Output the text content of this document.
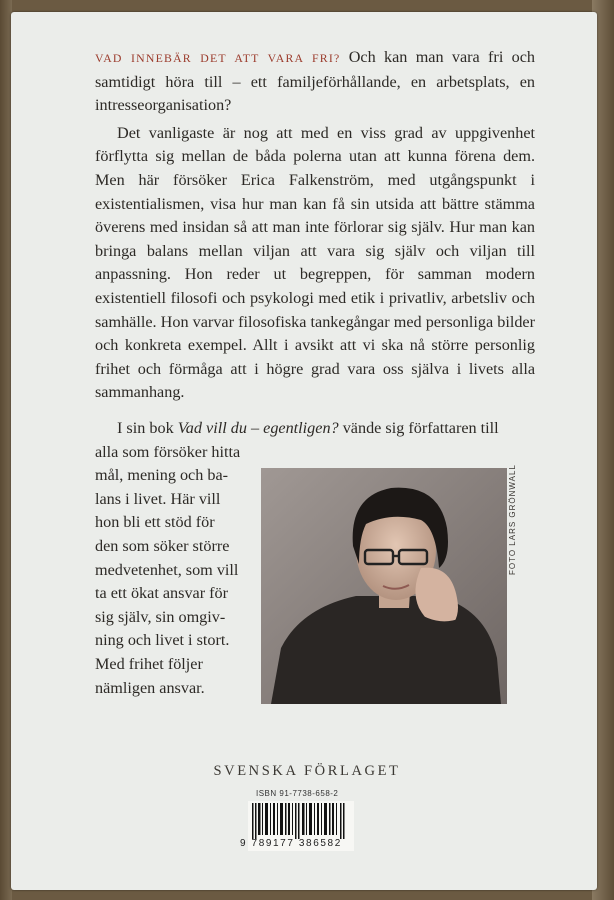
VAD INNEBÄR DET ATT VARA FRI? Och kan man vara fri och samtidigt höra till – ett familjeförhållande, en arbetsplats, en intresseorganisation?

Det vanligaste är nog att med en viss grad av uppgivenhet förflytta sig mellan de båda polerna utan att kunna förena dem. Men här försöker Erica Falkenström, med utgångspunkt i existentialismen, visa hur man kan få sin utsida att bättre stämma överens med insidan så att man inte förlorar sig själv. Hur man kan bringa balans mellan viljan att vara sig själv och viljan till anpassning. Hon reder ut begreppen, för samman modern existentiell filosofi och psykologi med etik i privatliv, arbetsliv och samhälle. Hon varvar filosofiska tankegångar med personliga bilder och konkreta exempel. Allt i avsikt att vi ska nå större personlig frihet och förmåga att i högre grad vara oss själva i livets alla sammanhang.

I sin bok Vad vill du – egentligen? vände sig författaren till
alla som försöker hitta
mål, mening och ba-
lans i livet. Här vill
hon bli ett stöd för
den som söker större
medvetenhet, som vill
ta ett ökat ansvar för
sig själv, sin omgiv-
ning och livet i stort.
Med frihet följer
nämligen ansvar.
FOTO LARS GRÖNWALL
SVENSKA FÖRLAGET
ISBN 91-7738-658-2
9 789177 386582
